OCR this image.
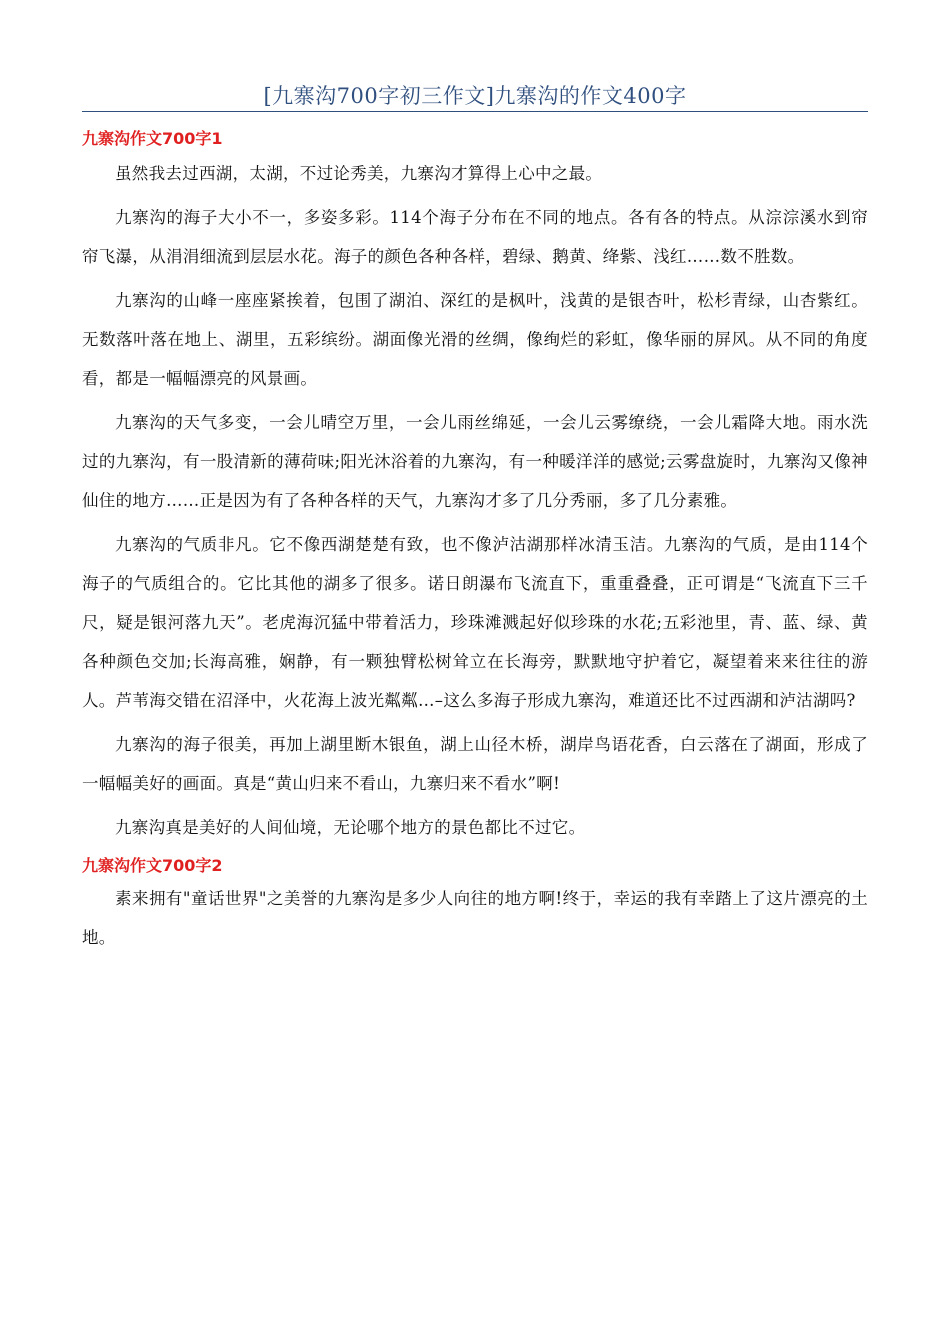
[九寨沟700字初三作文]九寨沟的作文400字
九寨沟作文700字1

虽然我去过西湖，太湖，不过论秀美，九寨沟才算得上心中之最。

九寨沟的海子大小不一，多姿多彩。114个海子分布在不同的地点。各有各的特点。从淙淙溪水到帘帘飞瀑，从涓涓细流到层层水花。海子的颜色各种各样，碧绿、鹅黄、绛紫、浅红……数不胜数。

九寨沟的山峰一座座紧挨着，包围了湖泊、深红的是枫叶，浅黄的是银杏叶，松杉青绿，山杏紫红。无数落叶落在地上、湖里，五彩缤纷。湖面像光滑的丝绸，像绚烂的彩虹，像华丽的屏风。从不同的角度看，都是一幅幅漂亮的风景画。

九寨沟的天气多变，一会儿晴空万里，一会儿雨丝绵延，一会儿云雾缭绕，一会儿霜降大地。雨水洗过的九寨沟，有一股清新的薄荷味;阳光沐浴着的九寨沟，有一种暖洋洋的感觉;云雾盘旋时，九寨沟又像神仙住的地方……正是因为有了各种各样的天气，九寨沟才多了几分秀丽，多了几分素雅。

九寨沟的气质非凡。它不像西湖楚楚有致，也不像泸沽湖那样冰清玉洁。九寨沟的气质，是由114个海子的气质组合的。它比其他的湖多了很多。诺日朗瀑布飞流直下，重重叠叠，正可谓是“飞流直下三千尺，疑是银河落九天”。老虎海沉猛中带着活力，珍珠滩溅起好似珍珠的水花;五彩池里，青、蓝、绿、黄各种颜色交加;长海高雅，娴静，有一颗独臂松树耸立在长海旁，默默地守护着它，凝望着来来往往的游人。芦苇海交错在沼泽中，火花海上波光粼粼…–这么多海子形成九寨沟，难道还比不过西湖和泸沽湖吗?

九寨沟的海子很美，再加上湖里断木银鱼，湖上山径木桥，湖岸鸟语花香，白云落在了湖面，形成了一幅幅美好的画面。真是“黄山归来不看山，九寨归来不看水”啊!

九寨沟真是美好的人间仙境，无论哪个地方的景色都比不过它。

九寨沟作文700字2

素来拥有"童话世界"之美誉的九寨沟是多少人向往的地方啊!终于，幸运的我有幸踏上了这片漂亮的土地。
